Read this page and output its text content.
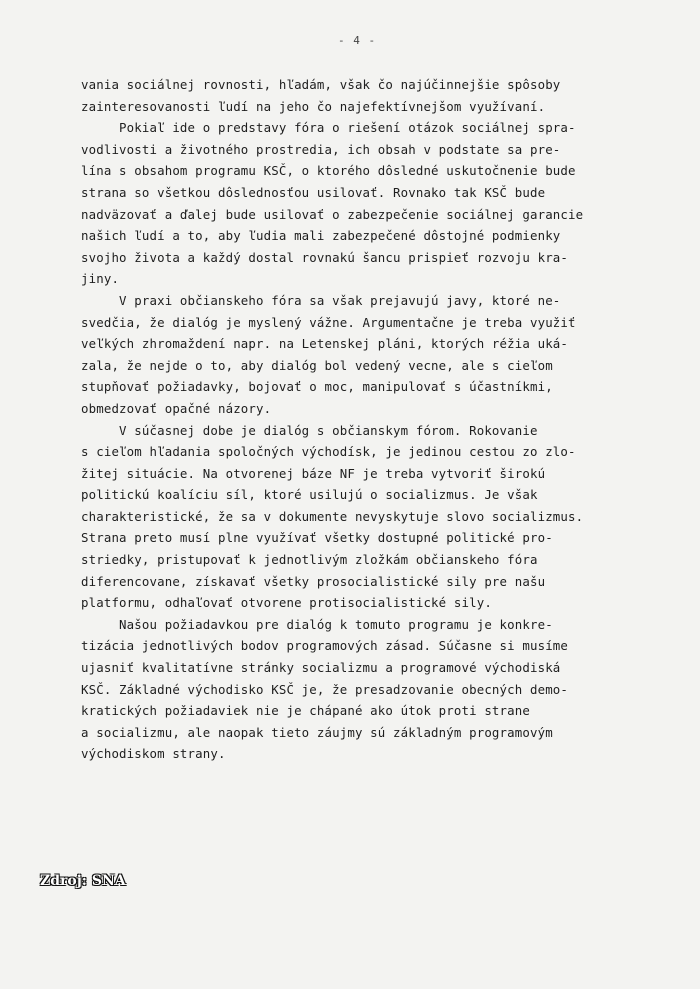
- 4 -
vania sociálnej rovnosti, hľadám, však čo najúčinnejšie spôsoby
zainteresovanosti ľudí na jeho čo najefektívnejšom využívaní.
Pokiaľ ide o predstavy fóra o riešení otázok sociálnej spra-
vodlivosti a životného prostredia, ich obsah v podstate sa pre-
lína s obsahom programu KSČ, o ktorého dôsledné uskutočnenie bude
strana so všetkou dôslednosťou usilovať. Rovnako tak KSČ bude
nadväzovať a ďalej bude usilovať o zabezpečenie sociálnej garancie
našich ľudí a to, aby ľudia mali zabezpečené dôstojné podmienky
svojho života a každý dostal rovnakú šancu prispieť rozvoju kra-
jiny.
V praxi občianskeho fóra sa však prejavujú javy, ktoré ne-
svedčia, že dialóg je myslený vážne. Argumentačne je treba využiť
veľkých zhromaždení napr. na Letenskej pláni, ktorých réžia uká-
zala, že nejde o to, aby dialóg bol vedený vecne, ale s cieľom
stupňovať požiadavky, bojovať o moc, manipulovať s účastníkmi,
obmedzovať opačné názory.
V súčasnej dobe je dialóg s občianskym fórom. Rokovanie
s cieľom hľadania spoločných východísk, je jedinou cestou zo zlo-
žitej situácie. Na otvorenej báze NF je treba vytvoriť širokú
politickú koalíciu síl, ktoré usilujú o socializmus. Je však
charakteristické, že sa v dokumente nevyskytuje slovo socializmus.
Strana preto musí plne využívať všetky dostupné politické pro-
striedky, pristupovať k jednotlivým zložkám občianskeho fóra
diferencovane, získavať všetky prosocialistické sily pre našu
platformu, odhaľovať otvorene protisocialistické sily.
Našou požiadavkou pre dialóg k tomuto programu je konkre-
tizácia jednotlivých bodov programových zásad. Súčasne si musíme
ujasniť kvalitatívne stránky socializmu a programové východiská
KSČ. Základné východisko KSČ je, že presadzovanie obecných demo-
kratických požiadaviek nie je chápané ako útok proti strane
a socializmu, ale naopak tieto záujmy sú základným programovým
východiskom strany.
Zdroj: SNA
